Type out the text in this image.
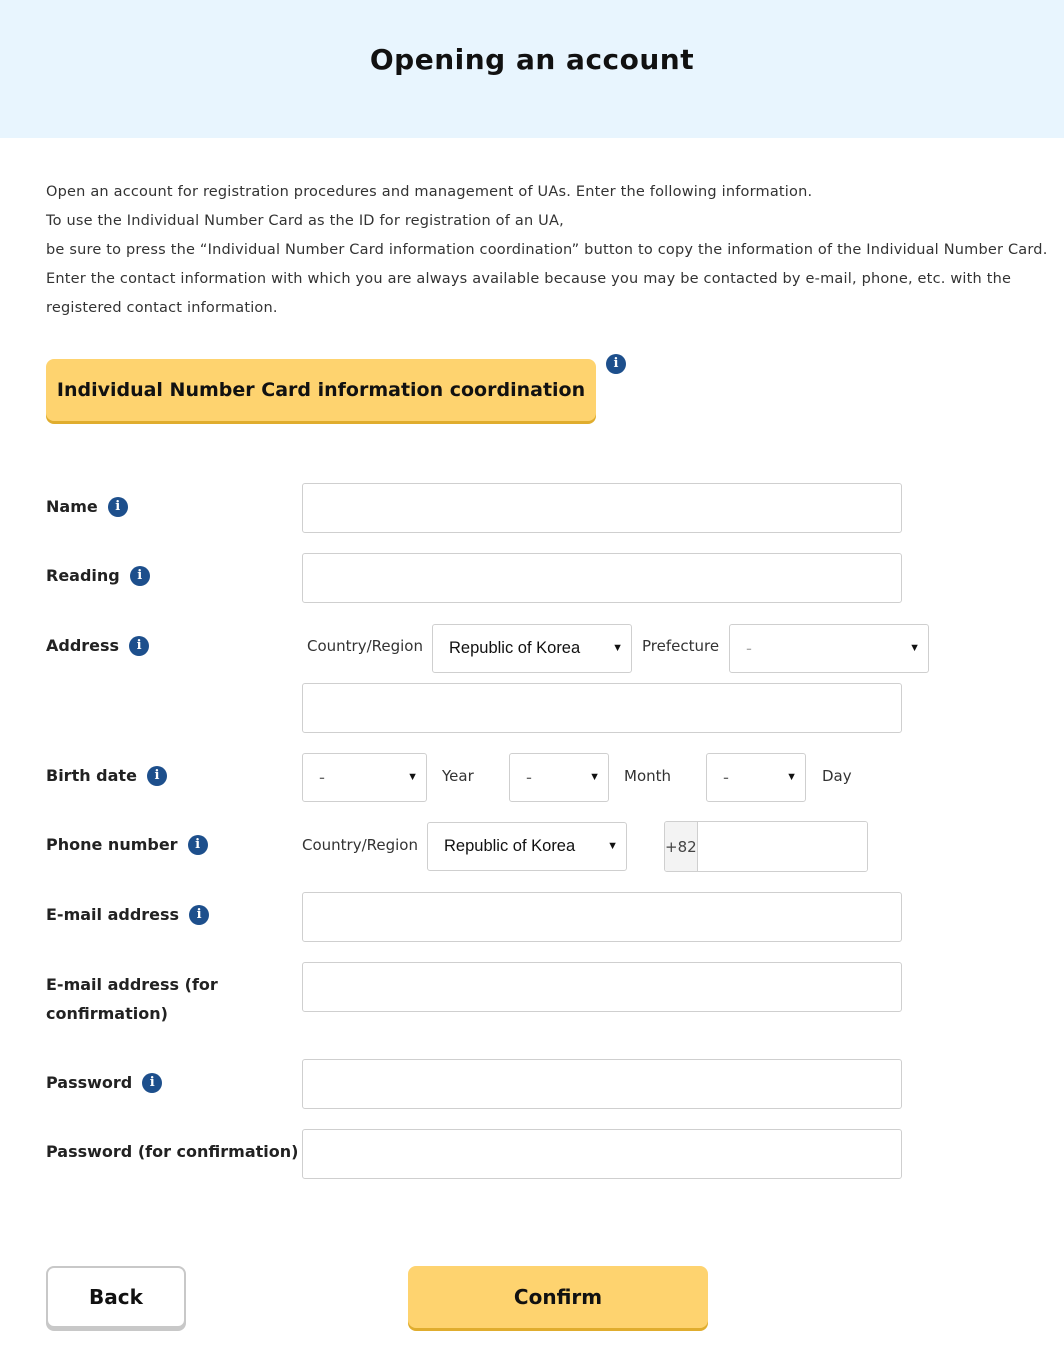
Opening an account

Open an account for registration procedures and management of UAs. Enter the following information.

To use the Individual Number Card as the ID for registration of an UA,

be sure to press the “Individual Number Card information coordination” button to copy the information of the Individual Number Card.

Enter the contact information with which you are always available because you may be contacted by e-mail, phone, etc. with the

registered contact information.

Individual Number Card information coordination
i
Name	i
Reading	i
Address	i	Country/Region Republic of Korea	▼ Prefecture -	▼
Birth date	i	-	▼ Year	-	▼ Month	-	▼ Day
Phone number	i	Country/Region Republic of Korea	▼	+82
E-mail address	i
E-mail address (for
confirmation)
Password	i
Password (for confirmation)
Back	Confirm
